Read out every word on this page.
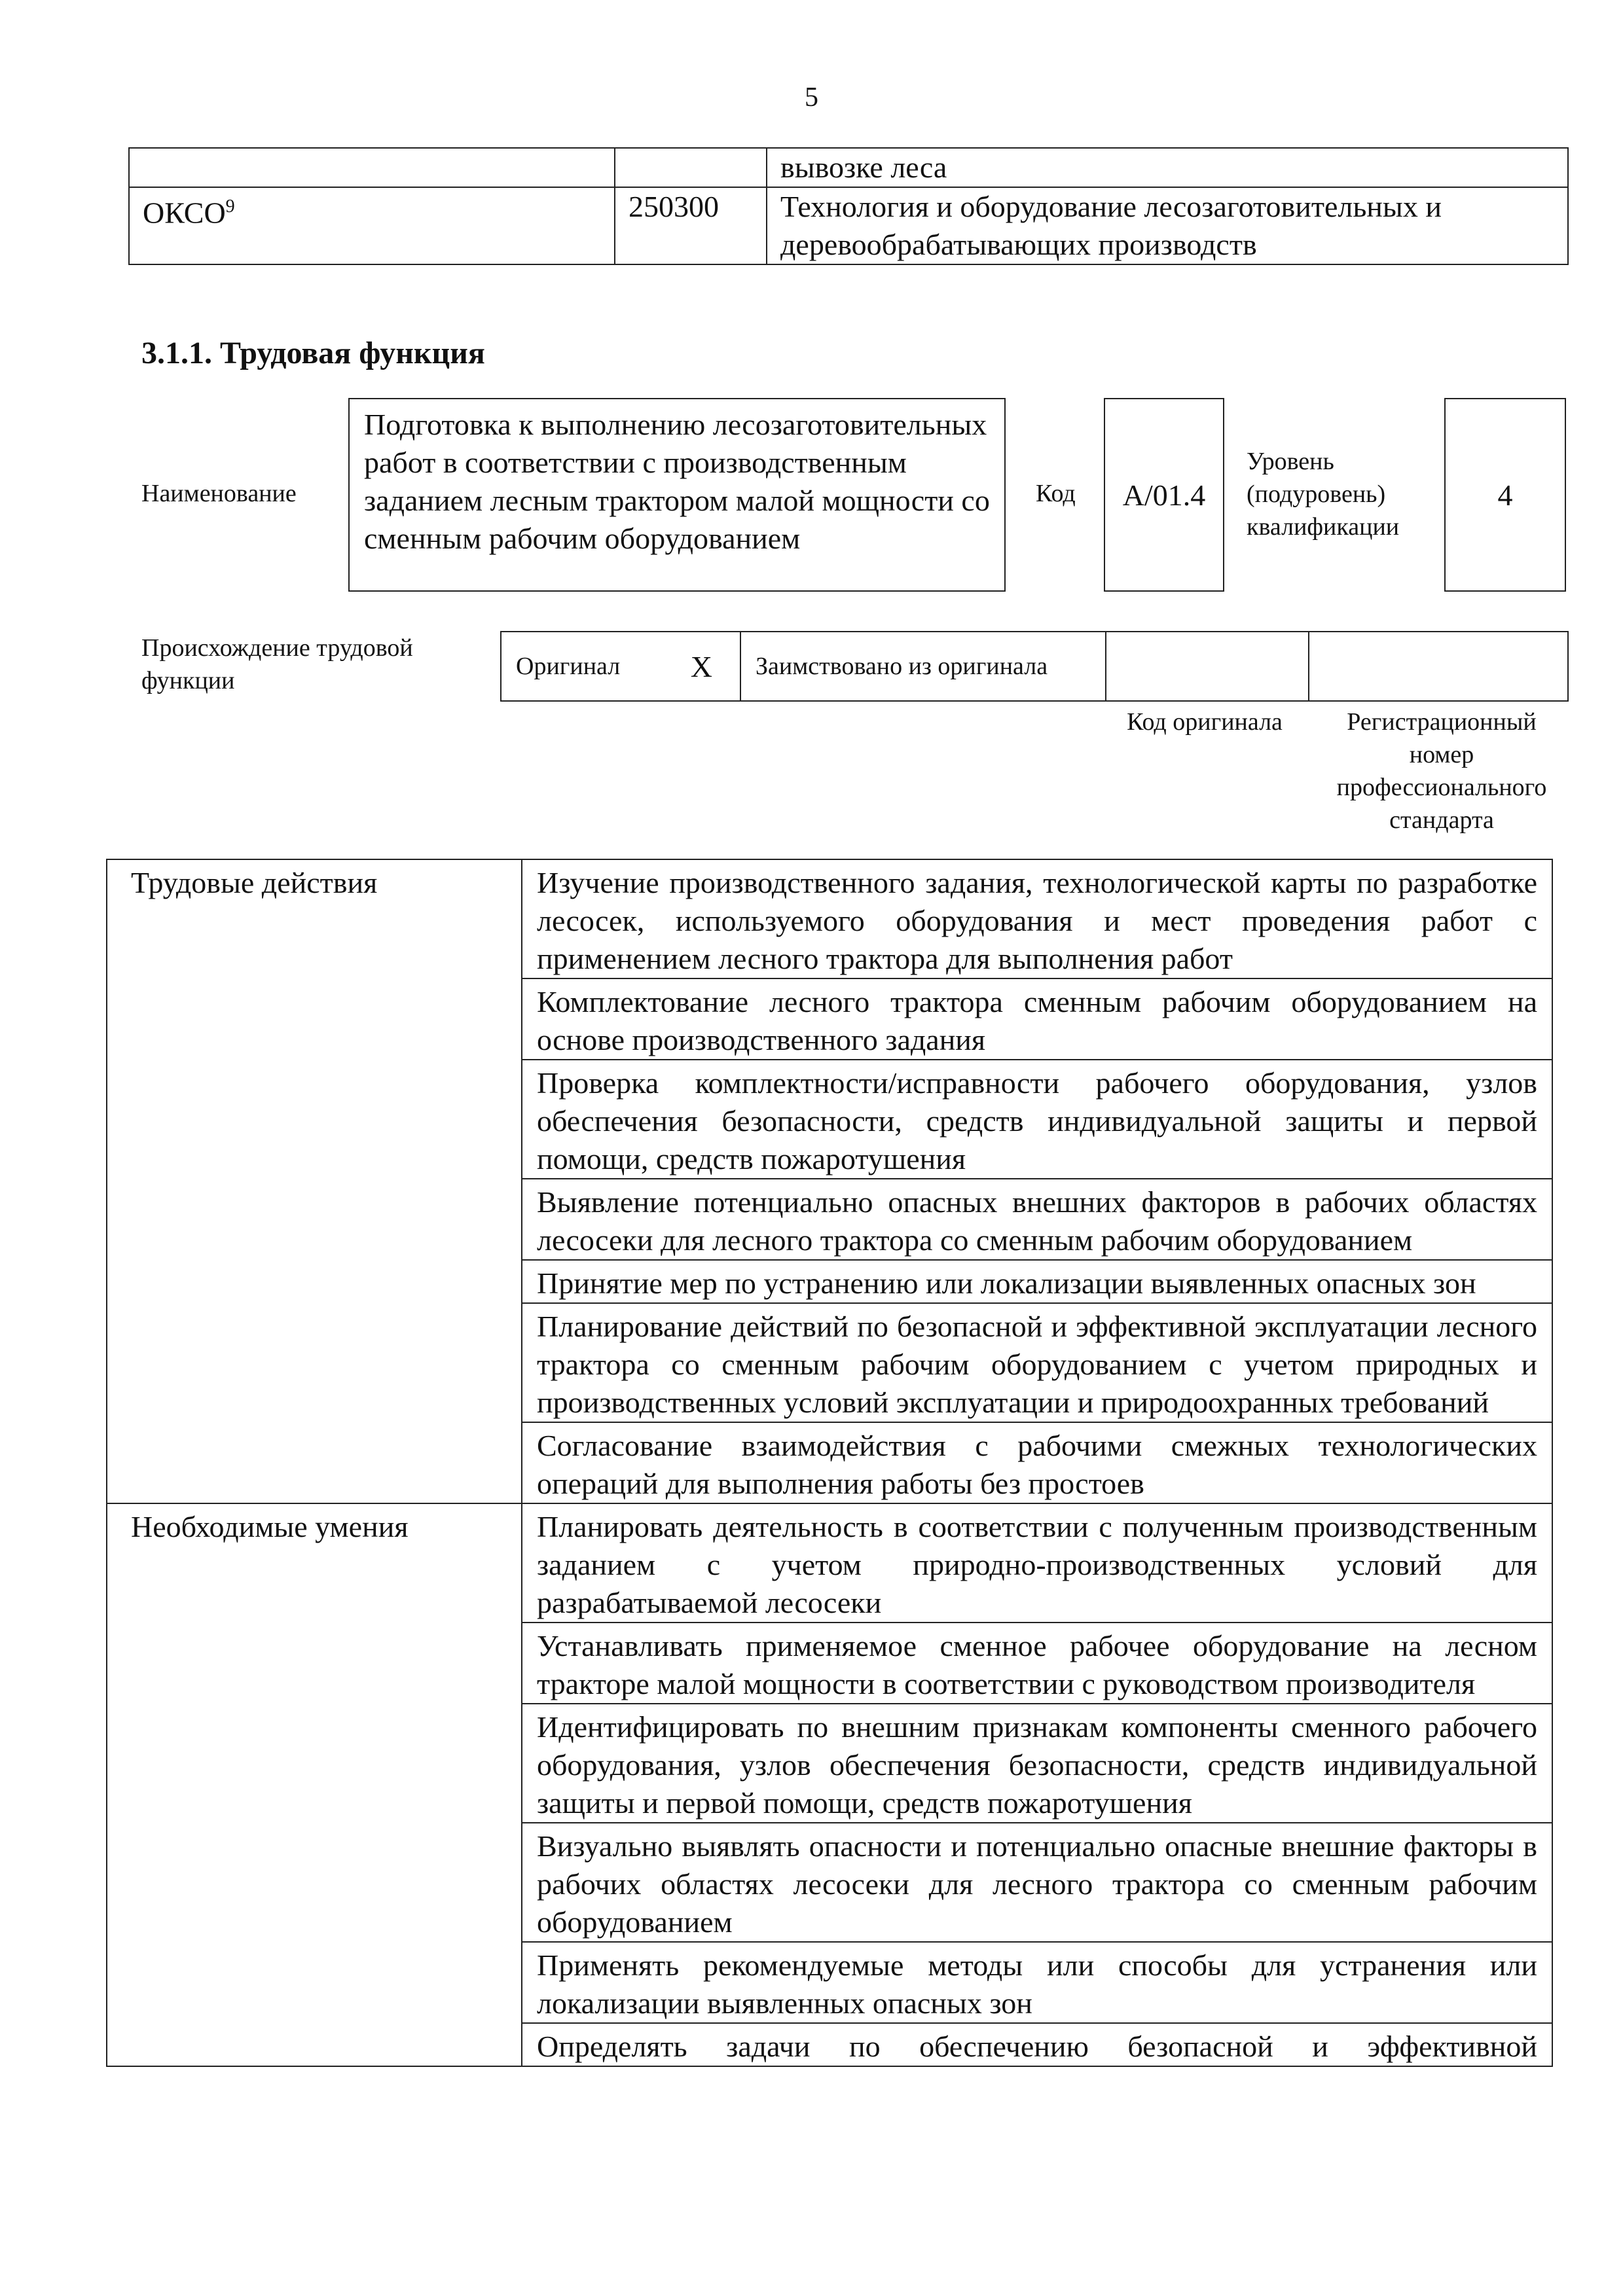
5
		вывозке леса
ОКСО$^9$	250300	Технология и оборудование лесозаготовительных и деревообрабатывающих производств
3.1.1. Трудовая функция
Наименование
Подготовка к выполнению лесозаготовительных работ в соответствии с производственным заданием лесным трактором малой мощности со сменным рабочим оборудованием
Код	A/01.4
Уровень (подуровень) квалификации
4
Происхождение трудовой функции
Оригинал X Заимствовано из оригинала
Код оригинала	Регистрационный номер профессионального стандарта
Трудовые действия	Изучение производственного задания, технологической карты по разработке лесосек, используемого оборудования и мест проведения работ с применением лесного трактора для выполнения работ
	Комплектование лесного трактора сменным рабочим оборудованием на основе производственного задания
	Проверка комплектности/исправности рабочего оборудования, узлов обеспечения безопасности, средств индивидуальной защиты и первой помощи, средств пожаротушения
	Выявление потенциально опасных внешних факторов в рабочих областях лесосеки для лесного трактора со сменным рабочим оборудованием
	Принятие мер по устранению или локализации выявленных опасных зон
	Планирование действий по безопасной и эффективной эксплуатации лесного трактора со сменным рабочим оборудованием с учетом природных и производственных условий эксплуатации и природоохранных требований
	Согласование взаимодействия с рабочими смежных технологических операций для выполнения работы без простоев
Необходимые умения	Планировать деятельность в соответствии с полученным производственным заданием с учетом природно-производственных условий для разрабатываемой лесосеки
	Устанавливать применяемое сменное рабочее оборудование на лесном тракторе малой мощности в соответствии с руководством производителя
	Идентифицировать по внешним признакам компоненты сменного рабочего оборудования, узлов обеспечения безопасности, средств индивидуальной защиты и первой помощи, средств пожаротушения
	Визуально выявлять опасности и потенциально опасные внешние факторы в рабочих областях лесосеки для лесного трактора со сменным рабочим оборудованием
	Применять рекомендуемые методы или способы для устранения или локализации выявленных опасных зон
	Определять задачи по обеспечению безопасной и эффективной
